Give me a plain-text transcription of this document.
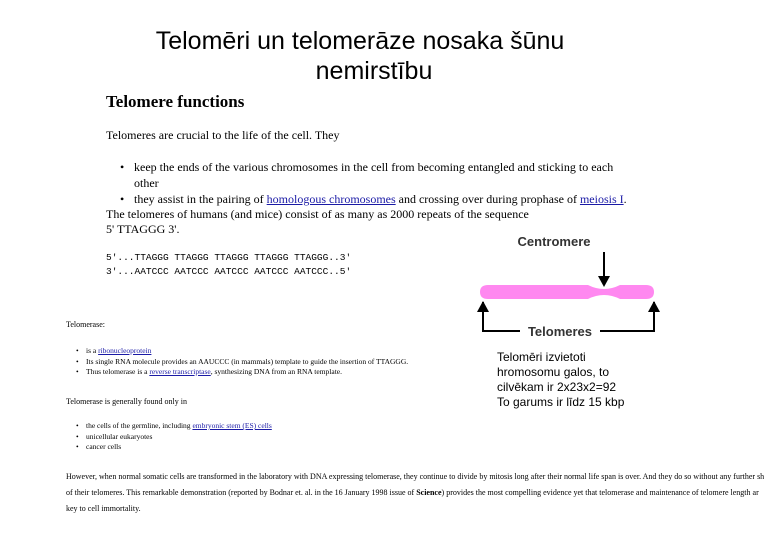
Telomēri un telomerāze nosaka šūnu
nemirstību
Telomere functions
Telomeres are crucial to the life of the cell. They
• keep the ends of the various chromosomes in the cell from becoming entangled and sticking to each other
• they assist in the pairing of homologous chromosomes and crossing over during prophase of meiosis I.
The telomeres of humans (and mice) consist of as many as 2000 repeats of the sequence
5' TTAGGG 3'.
5'...TTAGGG TTAGGG TTAGGG TTAGGG TTAGGG..3'
3'...AATCCC AATCCC AATCCC AATCCC AATCCC..5'
Centromere
Telomeres
Telomerase:
• is a ribonucleoprotein
• Its single RNA molecule provides an AAUCCC (in mammals) template to guide the insertion of TTAGGG.
• Thus telomerase is a reverse transcriptase, synthesizing DNA from an RNA template.
Telomerase is generally found only in
• the cells of the germline, including embryonic stem (ES) cells
• unicellular eukaryotes
• cancer cells
However, when normal somatic cells are transformed in the laboratory with DNA expressing telomerase, they continue to divide by mitosis long after their normal life span is over. And they do so without any further sh
of their telomeres. This remarkable demonstration (reported by Bodnar et. al. in the 16 January 1998 issue of Science) provides the most compelling evidence yet that telomerase and maintenance of telomere length ar
key to cell immortality.
Telomēri izvietoti
hromosomu galos, to
cilvēkam ir 2x23x2=92
To garums ir līdz 15 kbp
